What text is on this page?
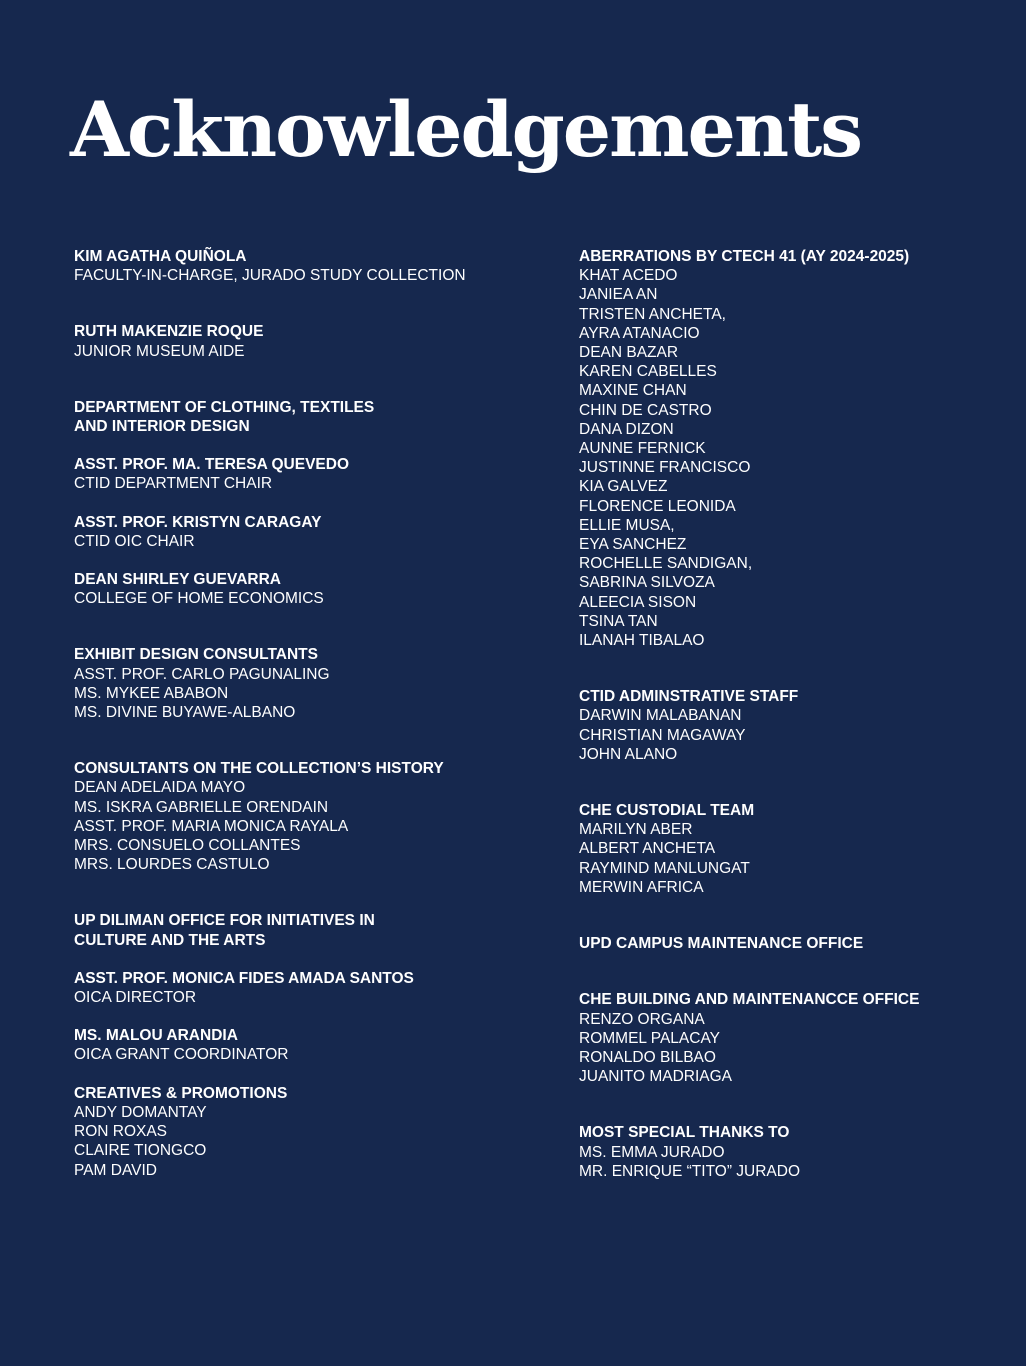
Acknowledgements
KIM AGATHA QUIÑOLA
FACULTY-IN-CHARGE, JURADO STUDY COLLECTION
RUTH MAKENZIE ROQUE
JUNIOR MUSEUM AIDE
DEPARTMENT OF CLOTHING, TEXTILES
AND INTERIOR DESIGN
ASST. PROF. MA. TERESA QUEVEDO
CTID DEPARTMENT CHAIR
ASST. PROF. KRISTYN CARAGAY
CTID OIC CHAIR
DEAN SHIRLEY GUEVARRA
COLLEGE OF HOME ECONOMICS
EXHIBIT DESIGN CONSULTANTS
ASST. PROF. CARLO PAGUNALING
MS. MYKEE ABABON
MS. DIVINE BUYAWE-ALBANO
CONSULTANTS ON THE COLLECTION’S HISTORY
DEAN ADELAIDA MAYO
MS. ISKRA GABRIELLE ORENDAIN
ASST. PROF. MARIA MONICA RAYALA
MRS. CONSUELO COLLANTES
MRS. LOURDES CASTULO
UP DILIMAN OFFICE FOR INITIATIVES IN
CULTURE AND THE ARTS
ASST. PROF. MONICA FIDES AMADA SANTOS
OICA DIRECTOR
MS. MALOU ARANDIA
OICA GRANT COORDINATOR
CREATIVES & PROMOTIONS
ANDY DOMANTAY
RON ROXAS
CLAIRE TIONGCO
PAM DAVID
ABERRATIONS BY CTECH 41 (AY 2024-2025)
KHAT ACEDO
JANIEA AN
TRISTEN ANCHETA,
AYRA ATANACIO
DEAN BAZAR
KAREN CABELLES
MAXINE CHAN
CHIN DE CASTRO
DANA DIZON
AUNNE FERNICK
JUSTINNE FRANCISCO
KIA GALVEZ
FLORENCE LEONIDA
ELLIE MUSA,
EYA SANCHEZ
ROCHELLE SANDIGAN,
SABRINA SILVOZA
ALEECIA SISON
TSINA TAN
ILANAH TIBALAO
CTID ADMINSTRATIVE STAFF
DARWIN MALABANAN
CHRISTIAN MAGAWAY
JOHN ALANO
CHE CUSTODIAL TEAM
MARILYN ABER
ALBERT ANCHETA
RAYMIND MANLUNGAT
MERWIN AFRICA
UPD CAMPUS MAINTENANCE OFFICE
CHE BUILDING AND MAINTENANCCE OFFICE
RENZO ORGANA
ROMMEL PALACAY
RONALDO BILBAO
JUANITO MADRIAGA
MOST SPECIAL THANKS TO
MS. EMMA JURADO
MR. ENRIQUE “TITO” JURADO
